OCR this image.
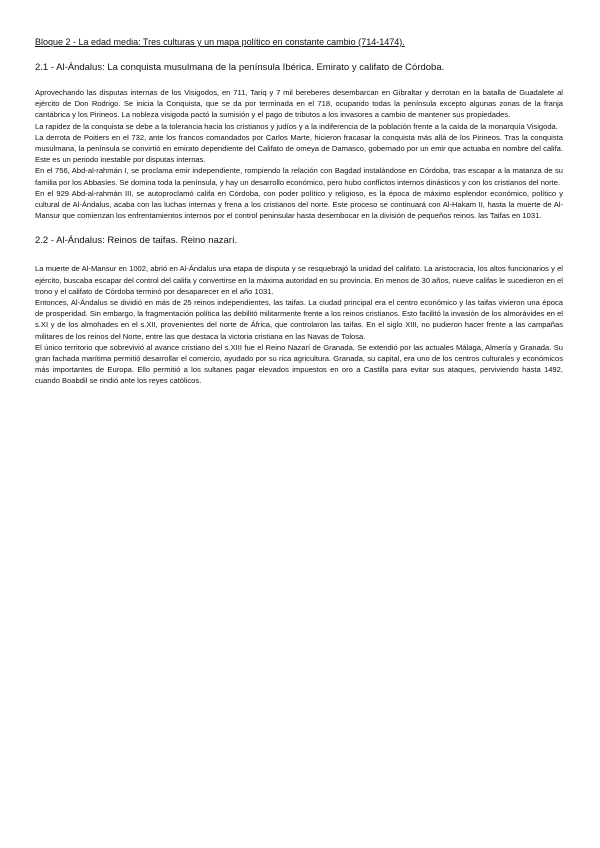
Bloque 2 - La edad media: Tres culturas y un mapa político en constante cambio (714-1474).

2.1 - Al-Ándalus: La conquista musulmana de la península Ibérica. Emirato y califato de Córdoba.

Aprovechando las disputas internas de los Visigodos, en 711, Tariq y 7 mil bereberes desembarcan en Gibraltar y derrotan en la batalla de Guadalete al ejército de Don Rodrigo. Se inicia la Conquista, que se da por terminada en el 718, ocupando todas la península excepto algunas zonas de la franja cantábrica y los Pirineos. La nobleza visigoda pactó la sumisión y el pago de tributos a los invasores a cambio de mantener sus propiedades.

La rapidez de la conquista se debe a la tolerancia hacia los cristianos y judíos y a la indiferencia de la población frente a la caída de la monarquía Visigoda.

La derrota de Poitiers en el 732, ante los francos comandados por Carlos Marte, hicieron fracasar la conquista más allá de los Pirineos. Tras la conquista musulmana, la península se convirtió en emirato dependiente del Califato de omeya de Damasco, gobernado por un emir que actuaba en nombre del califa. Este es un periodo inestable por disputas internas.

En el 756, Abd-al-rahmán I, se proclama emir independiente, rompiendo la relación con Bagdad instalándose en Córdoba, tras escapar a la matanza de su familia por los Abbasíes. Se domina toda la península, y hay un desarrollo económico, pero hubo conflictos internos dinásticos y con los cristianos del norte.

En el 929 Abd-al-rahmán III, se autoproclamó califa en Córdoba, con poder político y religioso, es la época de máximo esplendor económico, político y cultural de Al-Ándalus, acaba con las luchas internas y frena a los cristianos del norte. Este proceso se continuará con Al-Hakam II, hasta la muerte de Al-Mansur que comienzan los enfrentamientos internos por el control peninsular hasta desembocar en la división de pequeños reinos. las Taifas en 1031.

2.2 - Al-Ándalus: Reinos de taifas. Reino nazarí.

La muerte de Al-Mansur en 1002, abrió en Al-Ándalus una etapa de disputa y se resquebrajó la unidad del califato. La aristocracia, los altos funcionarios y el ejército, buscaba escapar del control del califa y convertirse en la máxima autoridad en su provincia. En menos de 30 años, nueve califas le sucedieron en el trono y el califato de Córdoba terminó por desaparecer en el año 1031.

Entonces, Al-Ándalus se dividió en más de 25 reinos independientes, las taifas. La ciudad principal era el centro económico y las taifas vivieron una época de prosperidad. Sin embargo, la fragmentación política las debilitó militarmente frente a los reinos cristianos. Esto facilitó la invasión de los almorávides en el s.XI y de los almohades en el s.XII, provenientes del norte de África, que controlaron las taifas. En el siglo XIII, no pudieron hacer frente a las campañas militares de los reinos del Norte, entre las que destaca la victoria cristiana en las Navas de Tolosa.

El único territorio que sobrevivió al avance cristiano del s.XIII fue el Reino Nazarí de Granada. Se extendió por las actuales Málaga, Almería y Granada. Su gran fachada marítima permitió desarrollar el comercio, ayudado por su rica agricultura. Granada, su capital, era uno de los centros culturales y económicos más importantes de Europa. Ello permitió a los sultanes pagar elevados impuestos en oro a Castilla para evitar sus ataques, perviviendo hasta 1492, cuando Boabdil se rindió ante los reyes católicos.
